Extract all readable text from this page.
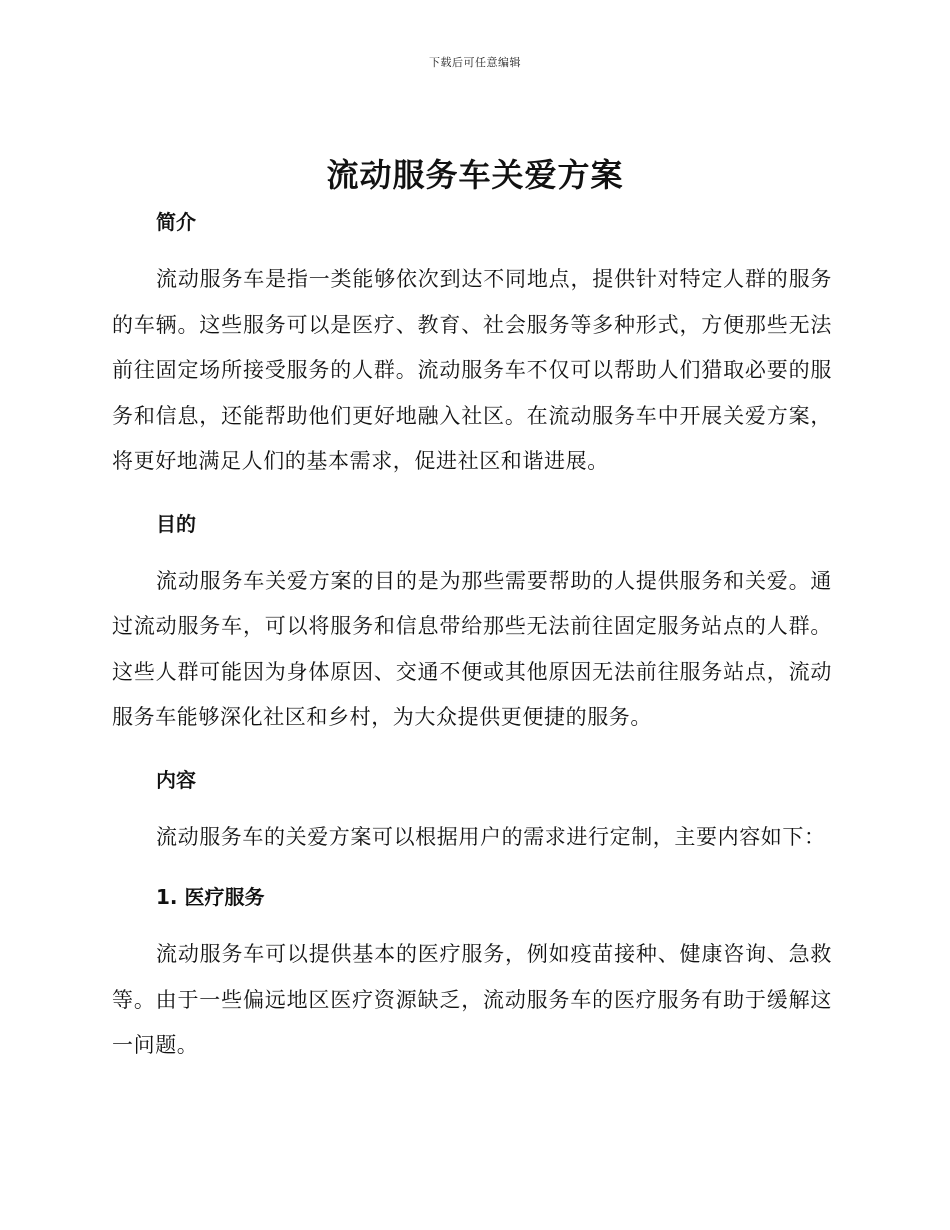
下载后可任意编辑
流动服务车关爱方案
简介

流动服务车是指一类能够依次到达不同地点，提供针对特定人群的服务的车辆。这些服务可以是医疗、教育、社会服务等多种形式，方便那些无法前往固定场所接受服务的人群。流动服务车不仅可以帮助人们猎取必要的服务和信息，还能帮助他们更好地融入社区。在流动服务车中开展关爱方案，将更好地满足人们的基本需求，促进社区和谐进展。

目的

流动服务车关爱方案的目的是为那些需要帮助的人提供服务和关爱。通过流动服务车，可以将服务和信息带给那些无法前往固定服务站点的人群。这些人群可能因为身体原因、交通不便或其他原因无法前往服务站点，流动服务车能够深化社区和乡村，为大众提供更便捷的服务。

内容

流动服务车的关爱方案可以根据用户的需求进行定制，主要内容如下：

1. 医疗服务

流动服务车可以提供基本的医疗服务，例如疫苗接种、健康咨询、急救等。由于一些偏远地区医疗资源缺乏，流动服务车的医疗服务有助于缓解这一问题。
